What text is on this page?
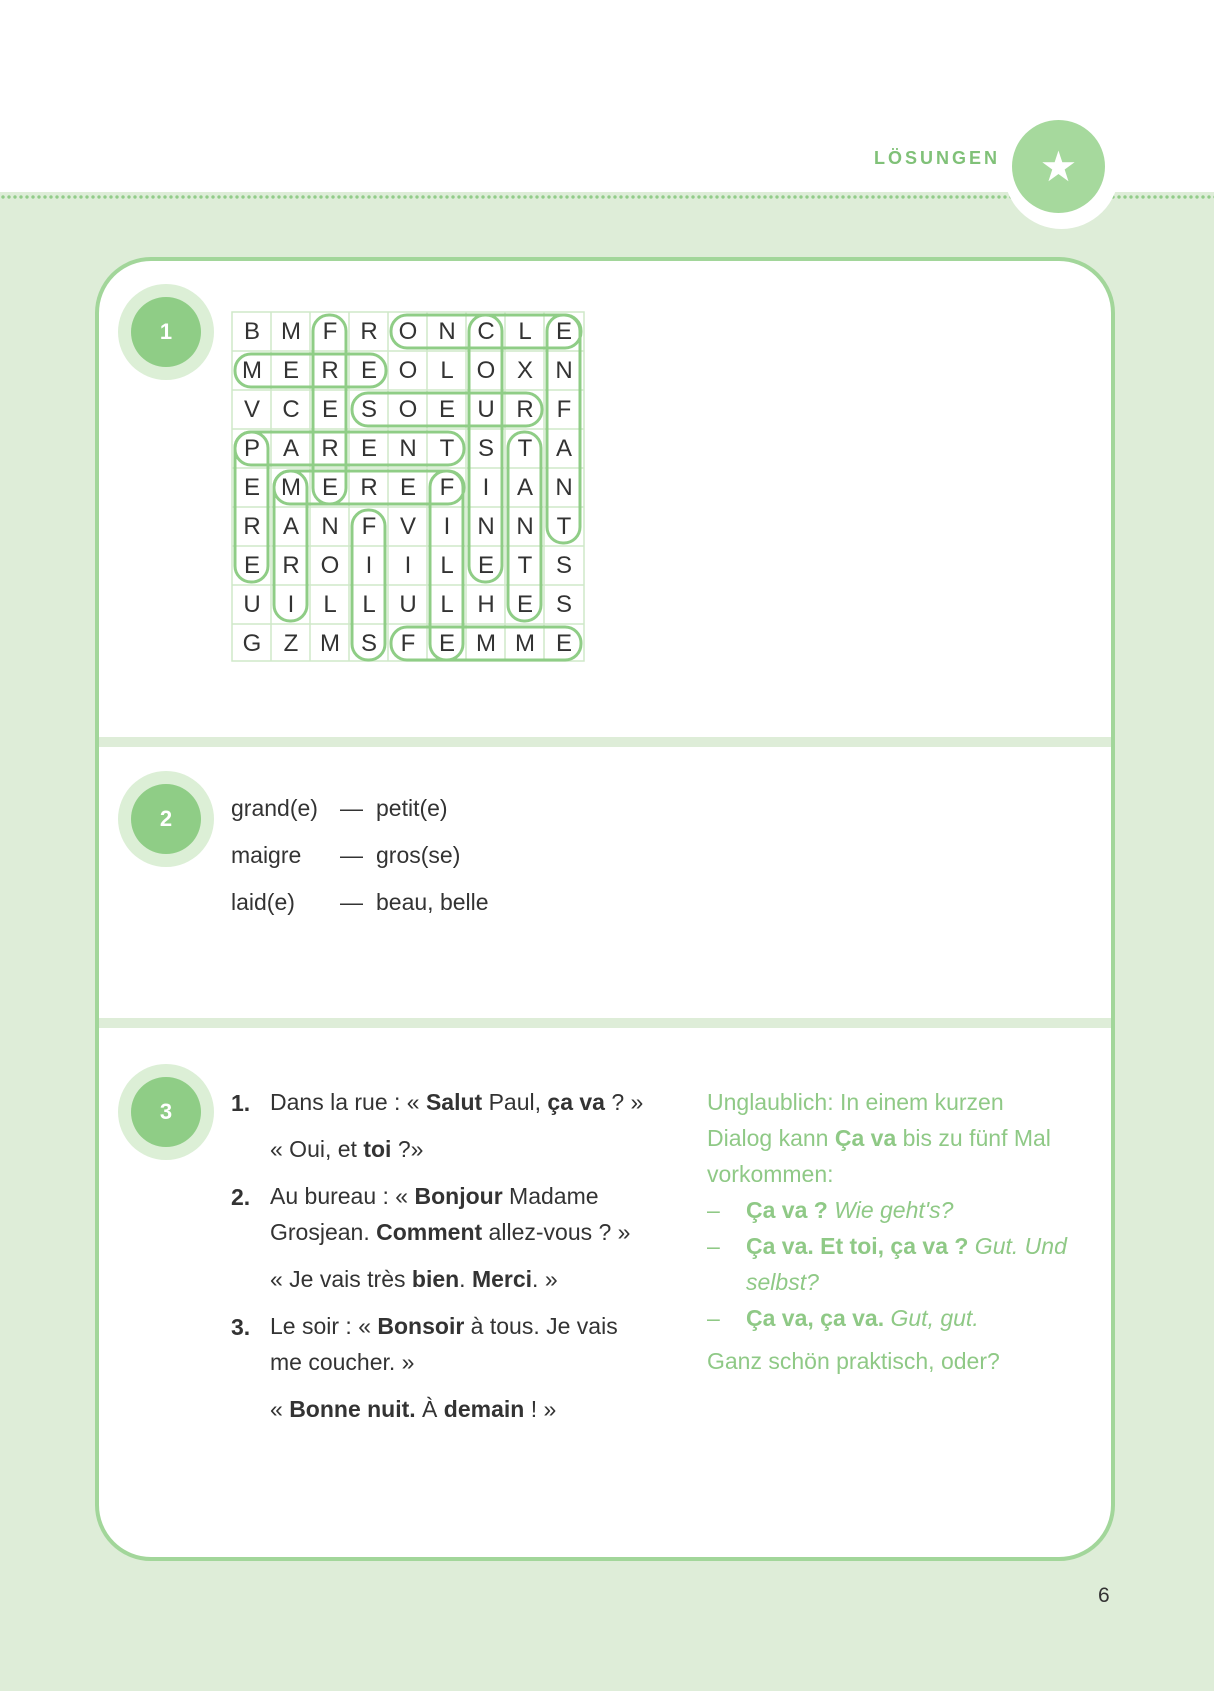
LÖSUNGEN ★
1	B M F R O N C L	E
M E R E O L O X N
V C E S O E U R F
P A R E N T S T A
E M E R E F	I	A N
R A N F V	I	N N T
E R O	I	I	L	E T S
U	I	L	L U L H E S
G Z M S F E M M E
2	grand(e) — petit(e)
maigre — gros(se)
laid(e) — beau, belle
3	1. Dans la rue : « Salut Paul, ça va ? »
« Oui, et toi ?»
2. Au bureau : « Bonjour Madame
Grosjean. Comment allez-vous ? »
« Je vais très bien. Merci. »
3. Le soir : « Bonsoir à tous. Je vais
me coucher. »
« Bonne nuit. À demain ! »
Unglaublich: In einem kurzen
Dialog kann Ça va bis zu fünf Mal
vorkommen:
– Ça va ? Wie geht's?
– Ça va. Et toi, ça va ? Gut. Und
selbst?
– Ça va, ça va. Gut, gut.
Ganz schön praktisch, oder?
6
